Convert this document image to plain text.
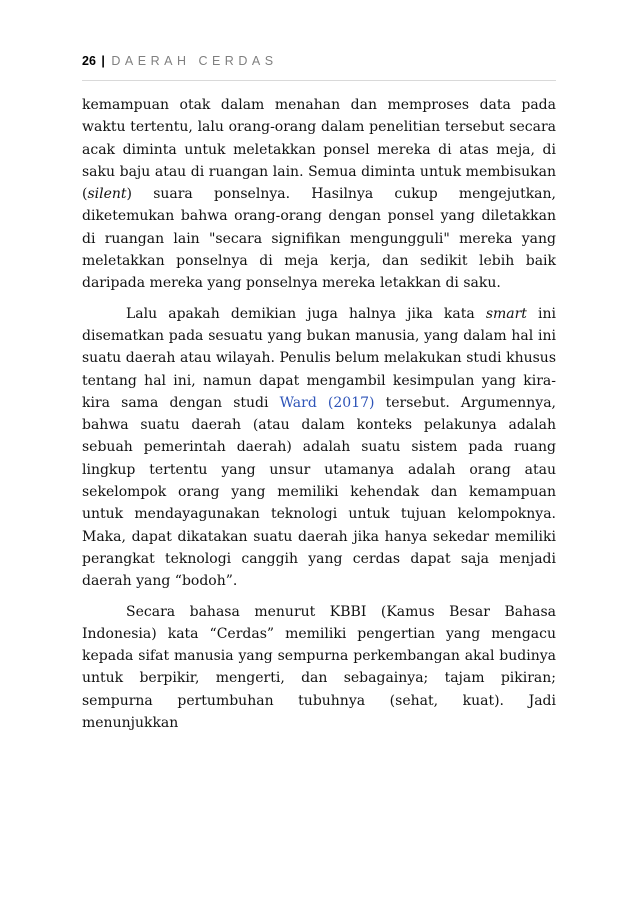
26 | DAERAH CERDAS

kemampuan otak dalam menahan dan memproses data pada waktu tertentu, lalu orang-orang dalam penelitian tersebut secara acak diminta untuk meletakkan ponsel mereka di atas meja, di saku baju atau di ruangan lain. Semua diminta untuk membisukan (silent) suara ponselnya. Hasilnya cukup mengejutkan, diketemukan bahwa orang-orang dengan ponsel yang diletakkan di ruangan lain "secara signifikan mengungguli" mereka yang meletakkan ponselnya di meja kerja, dan sedikit lebih baik daripada mereka yang ponselnya mereka letakkan di saku.

Lalu apakah demikian juga halnya jika kata smart ini disematkan pada sesuatu yang bukan manusia, yang dalam hal ini suatu daerah atau wilayah. Penulis belum melakukan studi khusus tentang hal ini, namun dapat mengambil kesimpulan yang kira-kira sama dengan studi Ward (2017) tersebut. Argumennya, bahwa suatu daerah (atau dalam konteks pelakunya adalah sebuah pemerintah daerah) adalah suatu sistem pada ruang lingkup tertentu yang unsur utamanya adalah orang atau sekelompok orang yang memiliki kehendak dan kemampuan untuk mendayagunakan teknologi untuk tujuan kelompoknya. Maka, dapat dikatakan suatu daerah jika hanya sekedar memiliki perangkat teknologi canggih yang cerdas dapat saja menjadi daerah yang “bodoh”.

Secara bahasa menurut KBBI (Kamus Besar Bahasa Indonesia) kata “Cerdas” memiliki pengertian yang mengacu kepada sifat manusia yang sempurna perkembangan akal budinya untuk berpikir, mengerti, dan sebagainya; tajam pikiran; sempurna pertumbuhan tubuhnya (sehat, kuat). Jadi menunjukkan
